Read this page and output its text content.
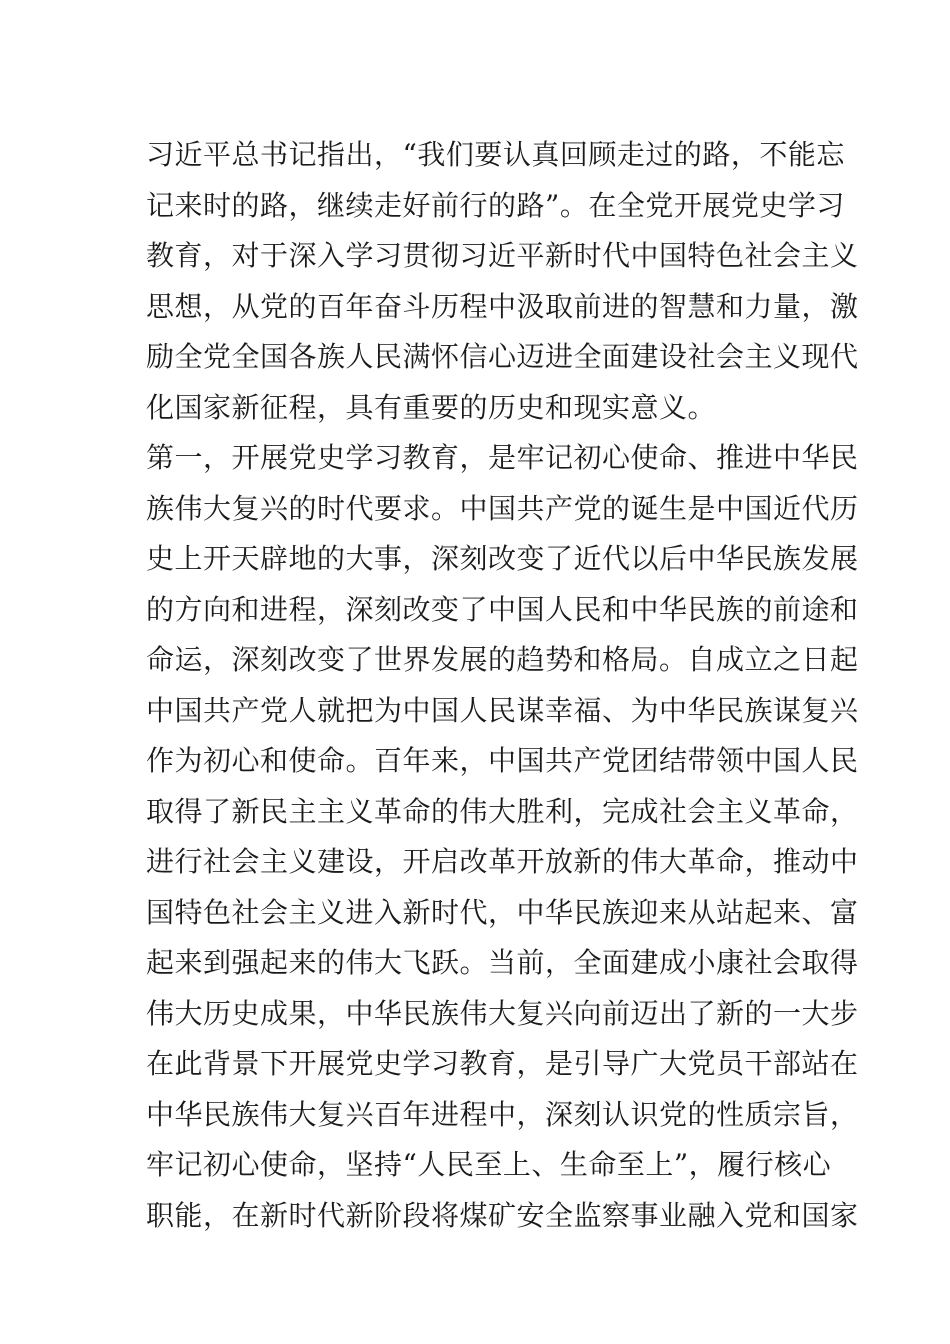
习近平总书记指出，“我们要认真回顾走过的路，不能忘
记来时的路，继续走好前行的路”。在全党开展党史学习
教育，对于深入学习贯彻习近平新时代中国特色社会主义
思想，从党的百年奋斗历程中汲取前进的智慧和力量，激
励全党全国各族人民满怀信心迈进全面建设社会主义现代
化国家新征程，具有重要的历史和现实意义。
第一，开展党史学习教育，是牢记初心使命、推进中华民
族伟大复兴的时代要求。中国共产党的诞生是中国近代历
史上开天辟地的大事，深刻改变了近代以后中华民族发展
的方向和进程，深刻改变了中国人民和中华民族的前途和
命运，深刻改变了世界发展的趋势和格局。自成立之日起
中国共产党人就把为中国人民谋幸福、为中华民族谋复兴
作为初心和使命。百年来，中国共产党团结带领中国人民
取得了新民主主义革命的伟大胜利，完成社会主义革命，
进行社会主义建设，开启改革开放新的伟大革命，推动中
国特色社会主义进入新时代，中华民族迎来从站起来、富
起来到强起来的伟大飞跃。当前，全面建成小康社会取得
伟大历史成果，中华民族伟大复兴向前迈出了新的一大步
在此背景下开展党史学习教育，是引导广大党员干部站在
中华民族伟大复兴百年进程中，深刻认识党的性质宗旨，
牢记初心使命，坚持“人民至上、生命至上”，履行核心
职能，在新时代新阶段将煤矿安全监察事业融入党和国家
